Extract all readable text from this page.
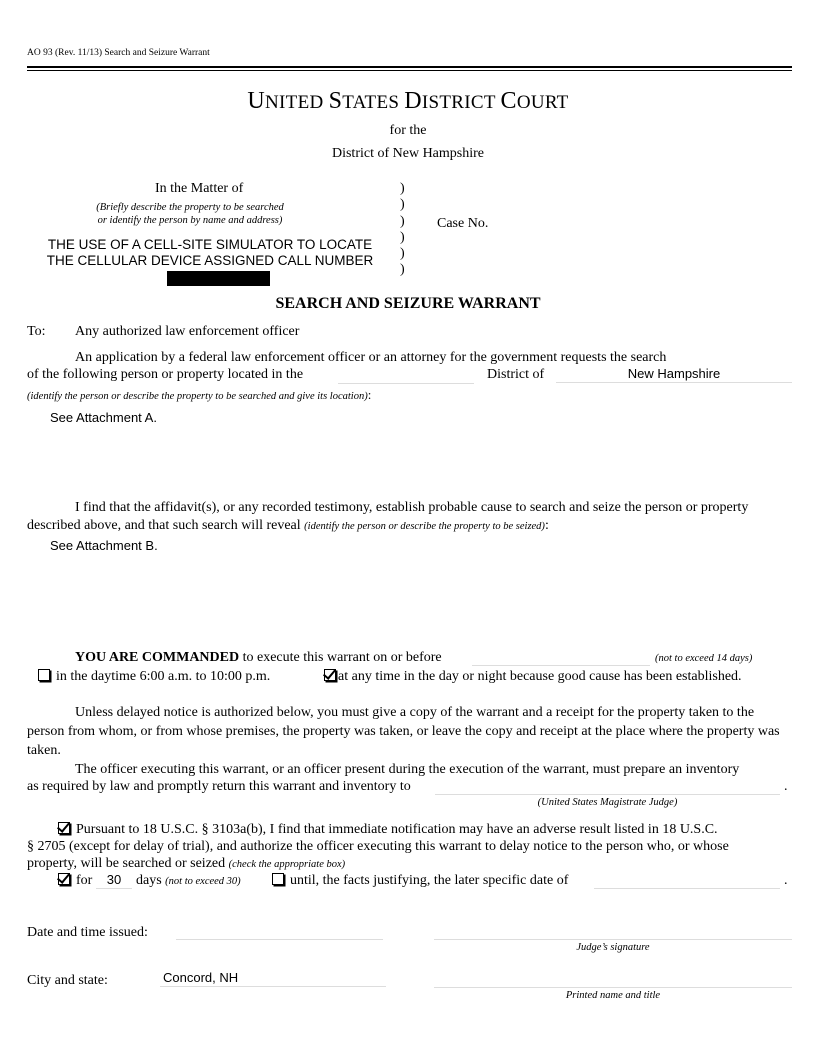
AO 93 (Rev. 11/13) Search and Seizure Warrant
UNITED STATES DISTRICT COURT
for the
District of New Hampshire
In the Matter of
(Briefly describe the property to be searched
or identify the person by name and address)
THE USE OF A CELL-SITE SIMULATOR TO LOCATE
THE CELLULAR DEVICE ASSIGNED CALL NUMBER
)
)
)
)
)
)
Case No.
SEARCH AND SEIZURE WARRANT
To: Any authorized law enforcement officer
An application by a federal law enforcement officer or an attorney for the government requests the search
of the following person or property located in the	District of	New Hampshire
(identify the person or describe the property to be searched and give its location):
See Attachment A.
I find that the affidavit(s), or any recorded testimony, establish probable cause to search and seize the person or property
described above, and that such search will reveal (identify the person or describe the property to be seized):
See Attachment B.
YOU ARE COMMANDED to execute this warrant on or before	(not to exceed 14 days)
in the daytime 6:00 a.m. to 10:00 p.m.	at any time in the day or night because good cause has been established.
Unless delayed notice is authorized below, you must give a copy of the warrant and a receipt for the property taken to the person from whom, or from whose premises, the property was taken, or leave the copy and receipt at the place where the property was taken.
The officer executing this warrant, or an officer present during the execution of the warrant, must prepare an inventory
as required by law and promptly return this warrant and inventory to	.
(United States Magistrate Judge)
Pursuant to 18 U.S.C. § 3103a(b), I find that immediate notification may have an adverse result listed in 18 U.S.C.
§ 2705 (except for delay of trial), and authorize the officer executing this warrant to delay notice to the person who, or whose
property, will be searched or seized (check the appropriate box)
for	30	days (not to exceed 30)	until, the facts justifying, the later specific date of	.
Date and time issued:
Judge’s signature
City and state:	Concord, NH
Printed name and title
